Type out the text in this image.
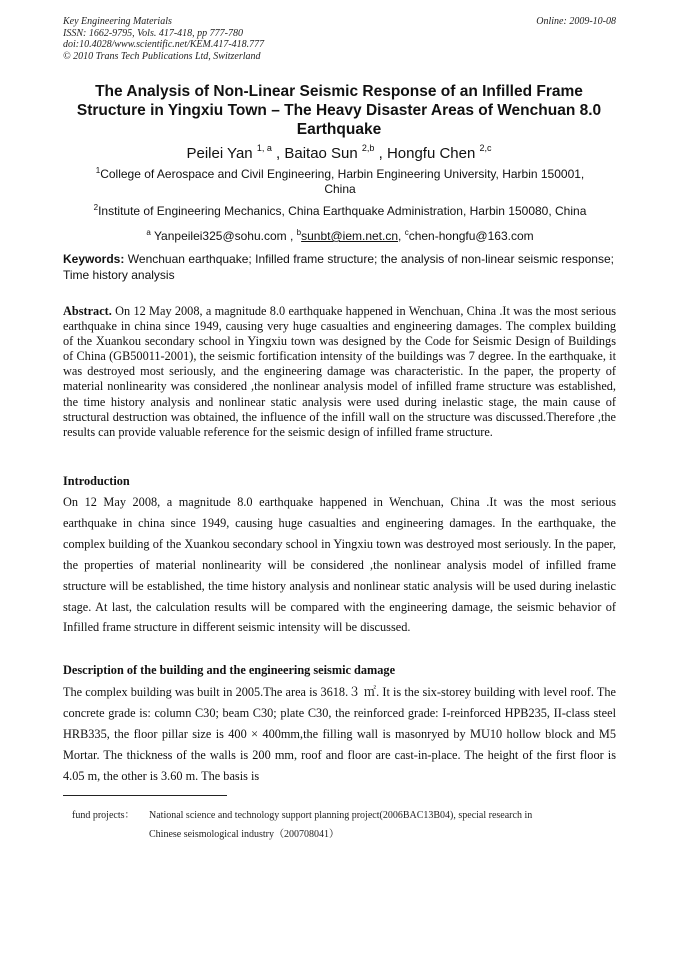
Key Engineering Materials	Online: 2009-10-08
ISSN: 1662-9795, Vols. 417-418, pp 777-780
doi:10.4028/www.scientific.net/KEM.417-418.777
© 2010 Trans Tech Publications Ltd, Switzerland
The Analysis of Non-Linear Seismic Response of an Infilled Frame Structure in Yingxiu Town – The Heavy Disaster Areas of Wenchuan 8.0 Earthquake
Peilei Yan $^{1, a}$ , Baitao Sun $^{2,b}$ , Hongfu Chen $^{2,c}$
$^1$College of Aerospace and Civil Engineering, Harbin Engineering University, Harbin 150001, China
$^2$Institute of Engineering Mechanics, China Earthquake Administration, Harbin 150080, China
$^a$ Yanpeilei325@sohu.com , $^b$sunbt@iem.net.cn, $^c$chen-hongfu@163.com
Keywords: Wenchuan earthquake; Infilled frame structure; the analysis of non-linear seismic response; Time history analysis
Abstract. On 12 May 2008, a magnitude 8.0 earthquake happened in Wenchuan, China .It was the most serious earthquake in china since 1949, causing very huge casualties and engineering damages. The complex building of the Xuankou secondary school in Yingxiu town was designed by the Code for Seismic Design of Buildings of China (GB50011-2001), the seismic fortification intensity of the buildings was 7 degree. In the earthquake, it was destroyed most seriously, and the engineering damage was characteristic. In the paper, the property of material nonlinearity was considered ,the nonlinear analysis model of infilled frame structure was established, the time history analysis and nonlinear static analysis were used during inelastic stage, the main cause of structural destruction was obtained, the influence of the infill wall on the structure was discussed.Therefore ,the results can provide valuable reference for the seismic design of infilled frame structure.
Introduction
On 12 May 2008, a magnitude 8.0 earthquake happened in Wenchuan, China .It was the most serious earthquake in china since 1949, causing huge casualties and engineering damages. In the earthquake, the complex building of the Xuankou secondary school in Yingxiu town was destroyed most seriously. In the paper, the properties of material nonlinearity will be considered ,the nonlinear analysis model of infilled frame structure will be established, the time history analysis and nonlinear static analysis will be used during inelastic stage. At last, the calculation results will be compared with the engineering damage, the seismic behavior of Infilled frame structure in different seismic intensity will be discussed.
Description of the building and the engineering seismic damage
The complex building was built in 2005.The area is 3618.３ ㎡. It is the six-storey building with level roof. The concrete grade is: column C30; beam C30; plate C30, the reinforced grade: I-reinforced HPB235, II-class steel HRB335, the floor pillar size is 400 × 400mm,the filling wall is masonryed by MU10 hollow block and M5 Mortar. The thickness of the walls is 200 mm, roof and floor are cast-in-place. The height of the first floor is 4.05 m, the other is 3.60 m. The basis is
fund projects：	National science and technology support planning project(2006BAC13B04), special research in
Chinese seismological industry（200708041）
